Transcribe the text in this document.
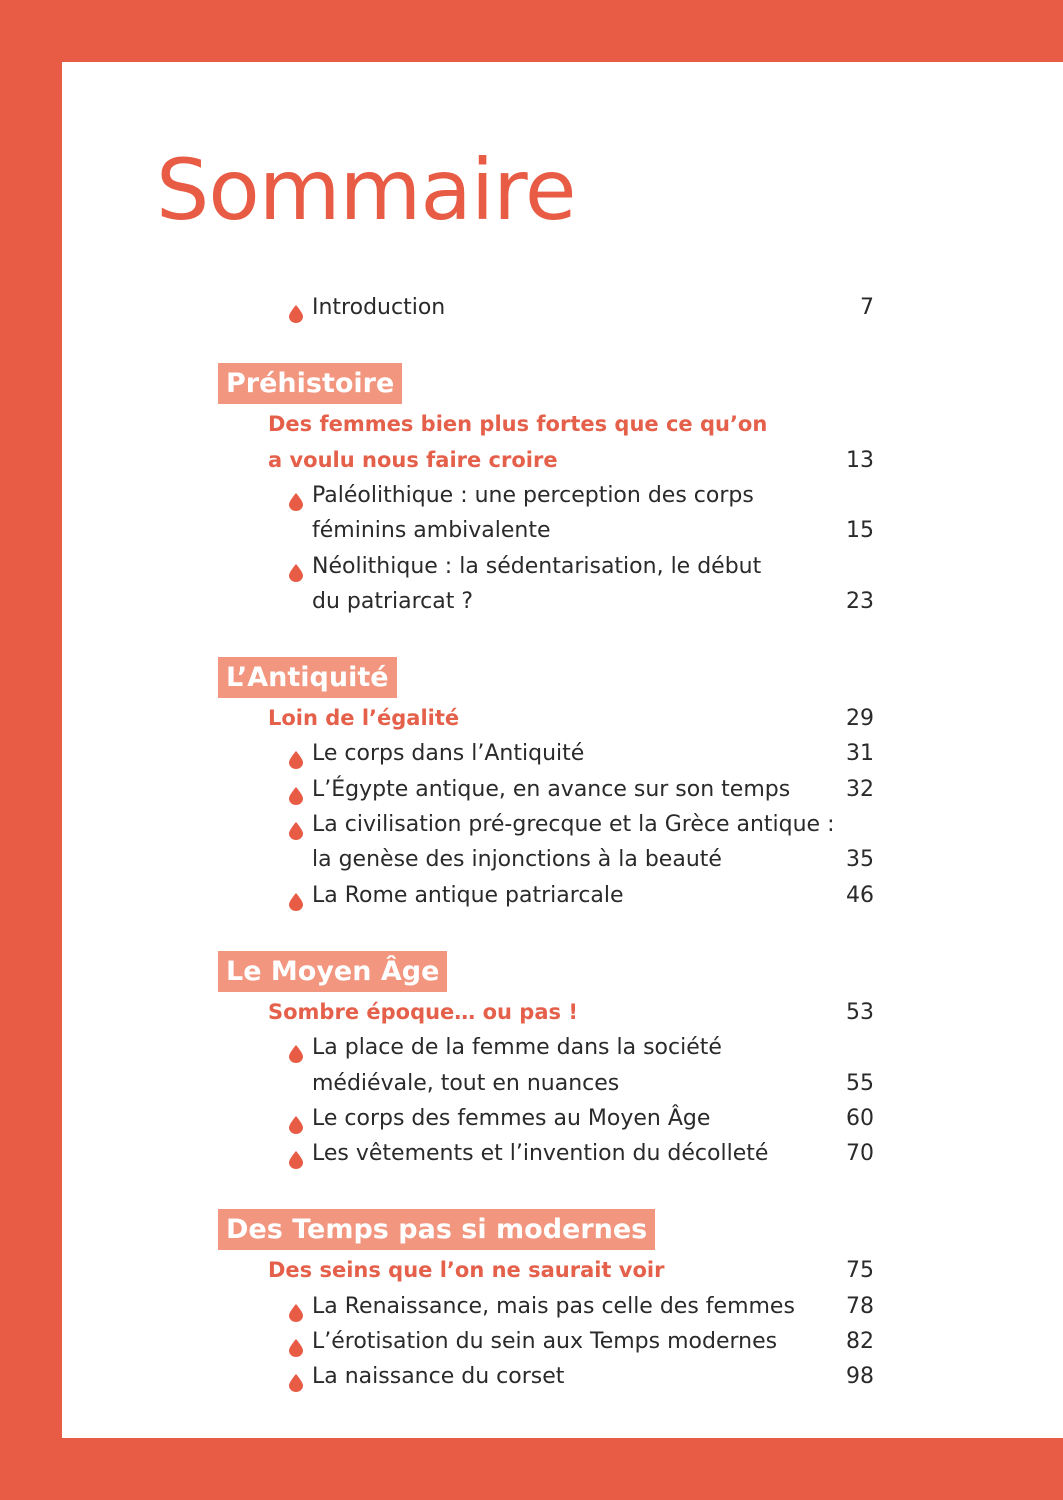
Sommaire
Introduction	7
Préhistoire
Des femmes bien plus fortes que ce qu’on
a voulu nous faire croire	13
Paléolithique : une perception des corps
féminins ambivalente	15
Néolithique : la sédentarisation, le début
du patriarcat ?	23
L’Antiquité
Loin de l’égalité	29
Le corps dans l’Antiquité	31
L’Égypte antique, en avance sur son temps	32
La civilisation pré-grecque et la Grèce antique :
la genèse des injonctions à la beauté	35
La Rome antique patriarcale	46
Le Moyen Âge
Sombre époque… ou pas !	53
La place de la femme dans la société
médiévale, tout en nuances	55
Le corps des femmes au Moyen Âge	60
Les vêtements et l’invention du décolleté	70
Des Temps pas si modernes
Des seins que l’on ne saurait voir	75
La Renaissance, mais pas celle des femmes	78
L’érotisation du sein aux Temps modernes	82
La naissance du corset	98
